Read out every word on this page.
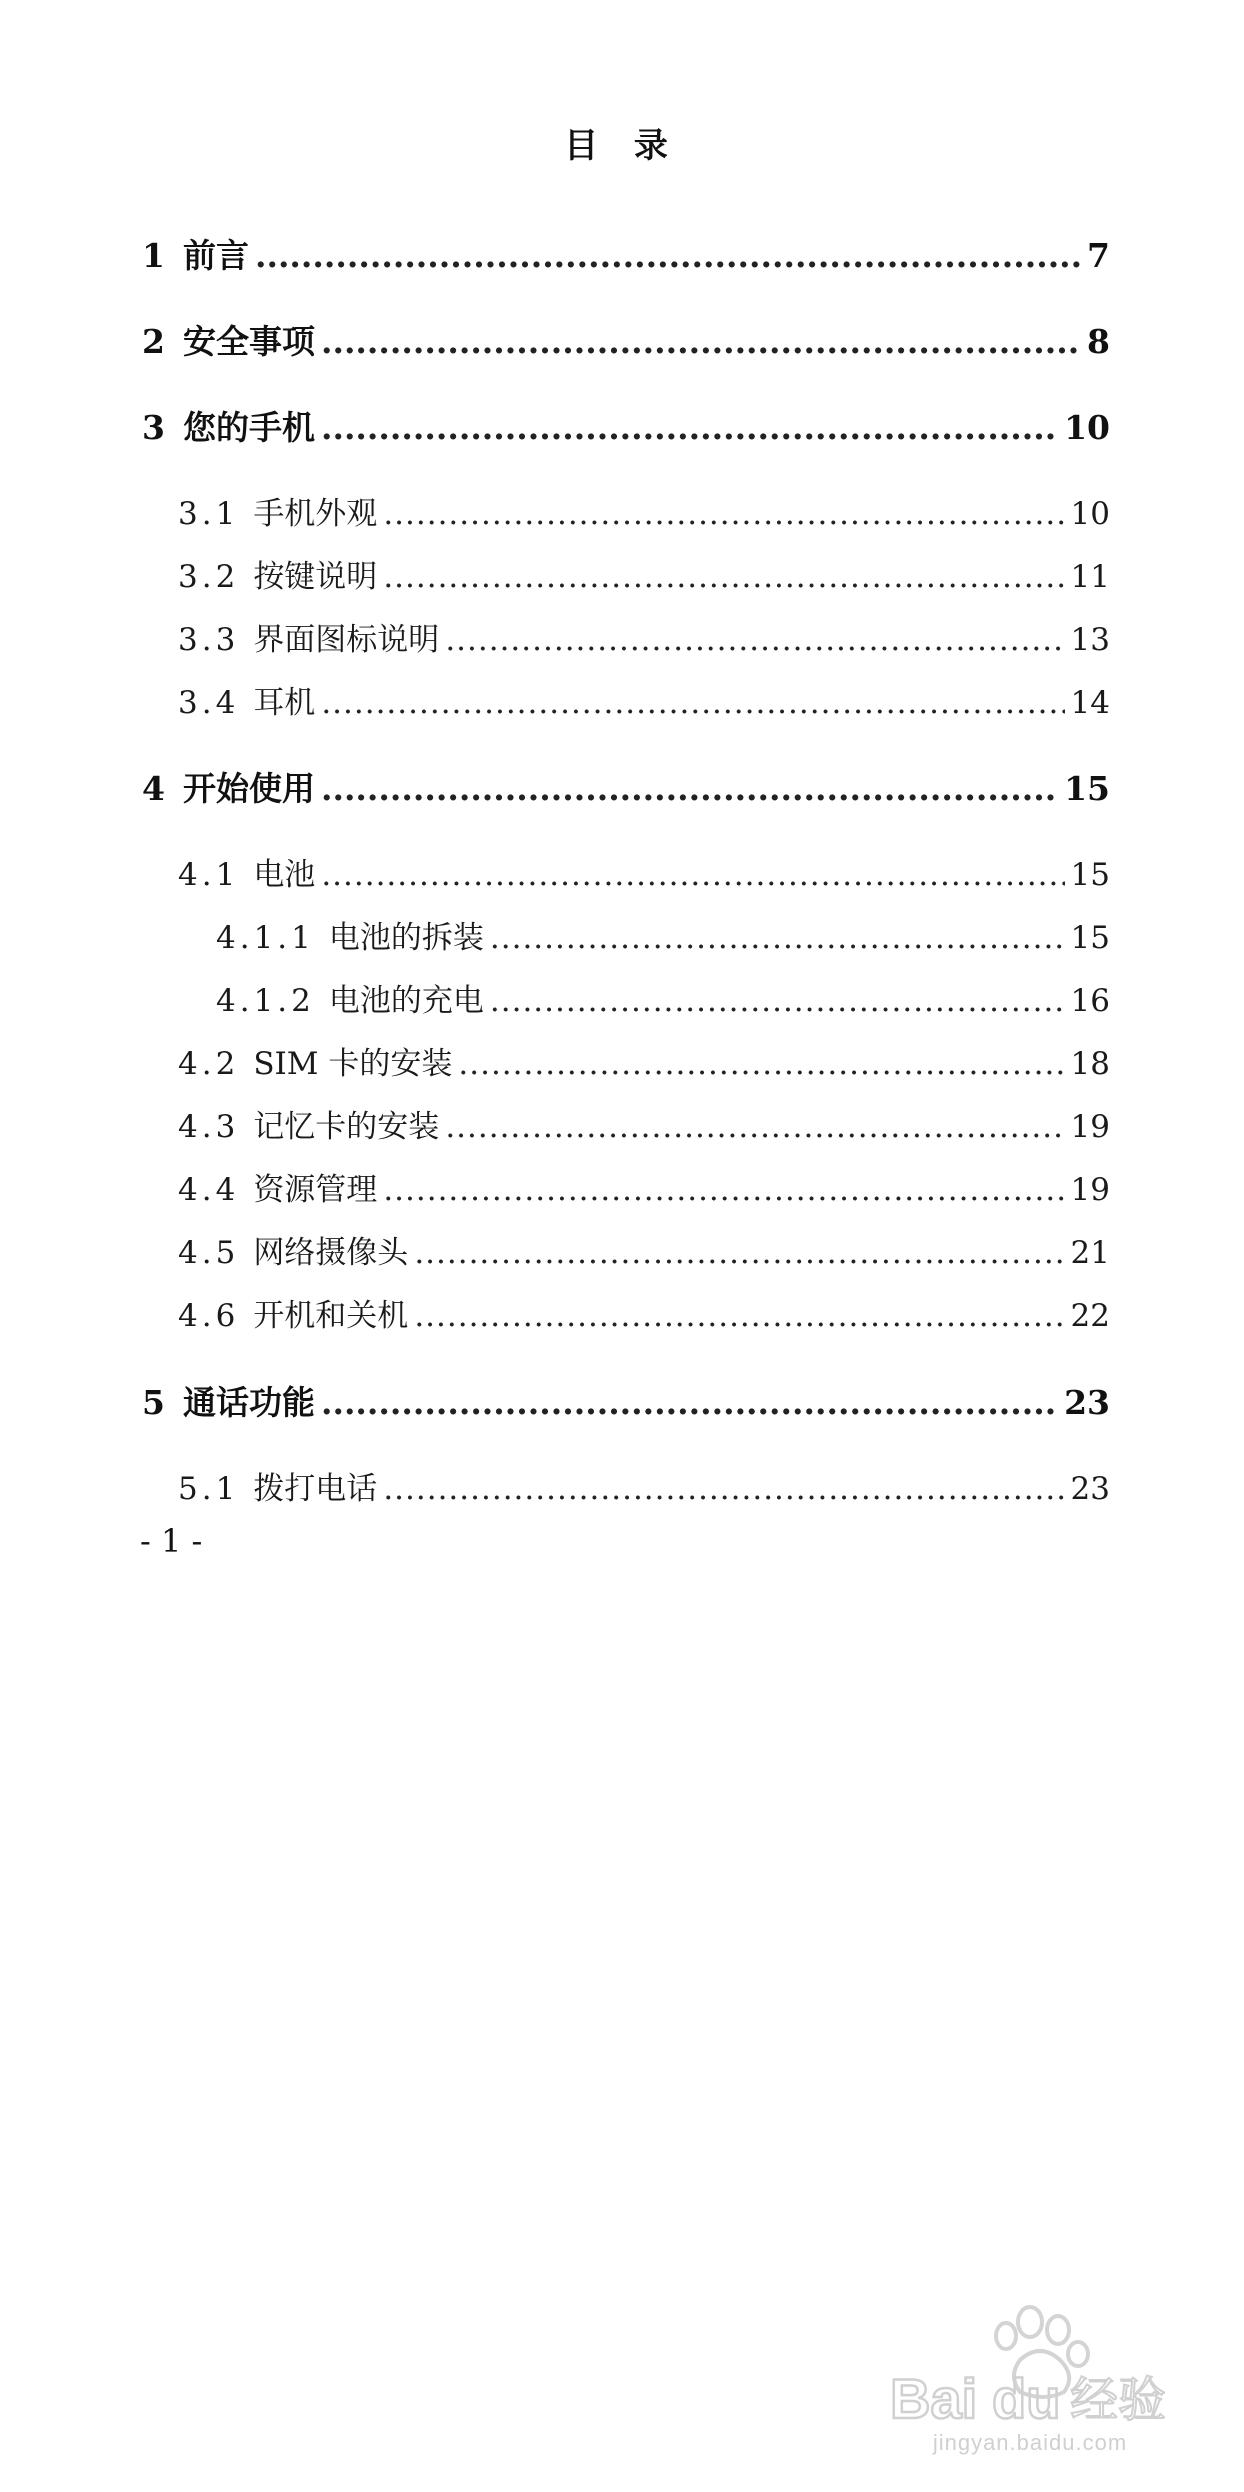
目 录
1 前言 .....	7
2 安全事项 .....	8
3 您的手机 .....	10
3.1 手机外观 .....	10
3.2 按键说明 .....	11
3.3 界面图标说明 .....	13
3.4 耳机 .....	14
4 开始使用 .....	15
4.1 电池 .....	15
4.1.1 电池的拆装 .....	15
4.1.2 电池的充电 .....	16
4.2 SIM 卡的安装 .....	18
4.3 记忆卡的安装 .....	19
4.4 资源管理 .....	19
4.5 网络摄像头 .....	21
4.6 开机和关机 .....	22
5 通话功能 .....	23
5.1 拨打电话 .....	23
- 1 -
Bai du 经验
jingyan.baidu.com
